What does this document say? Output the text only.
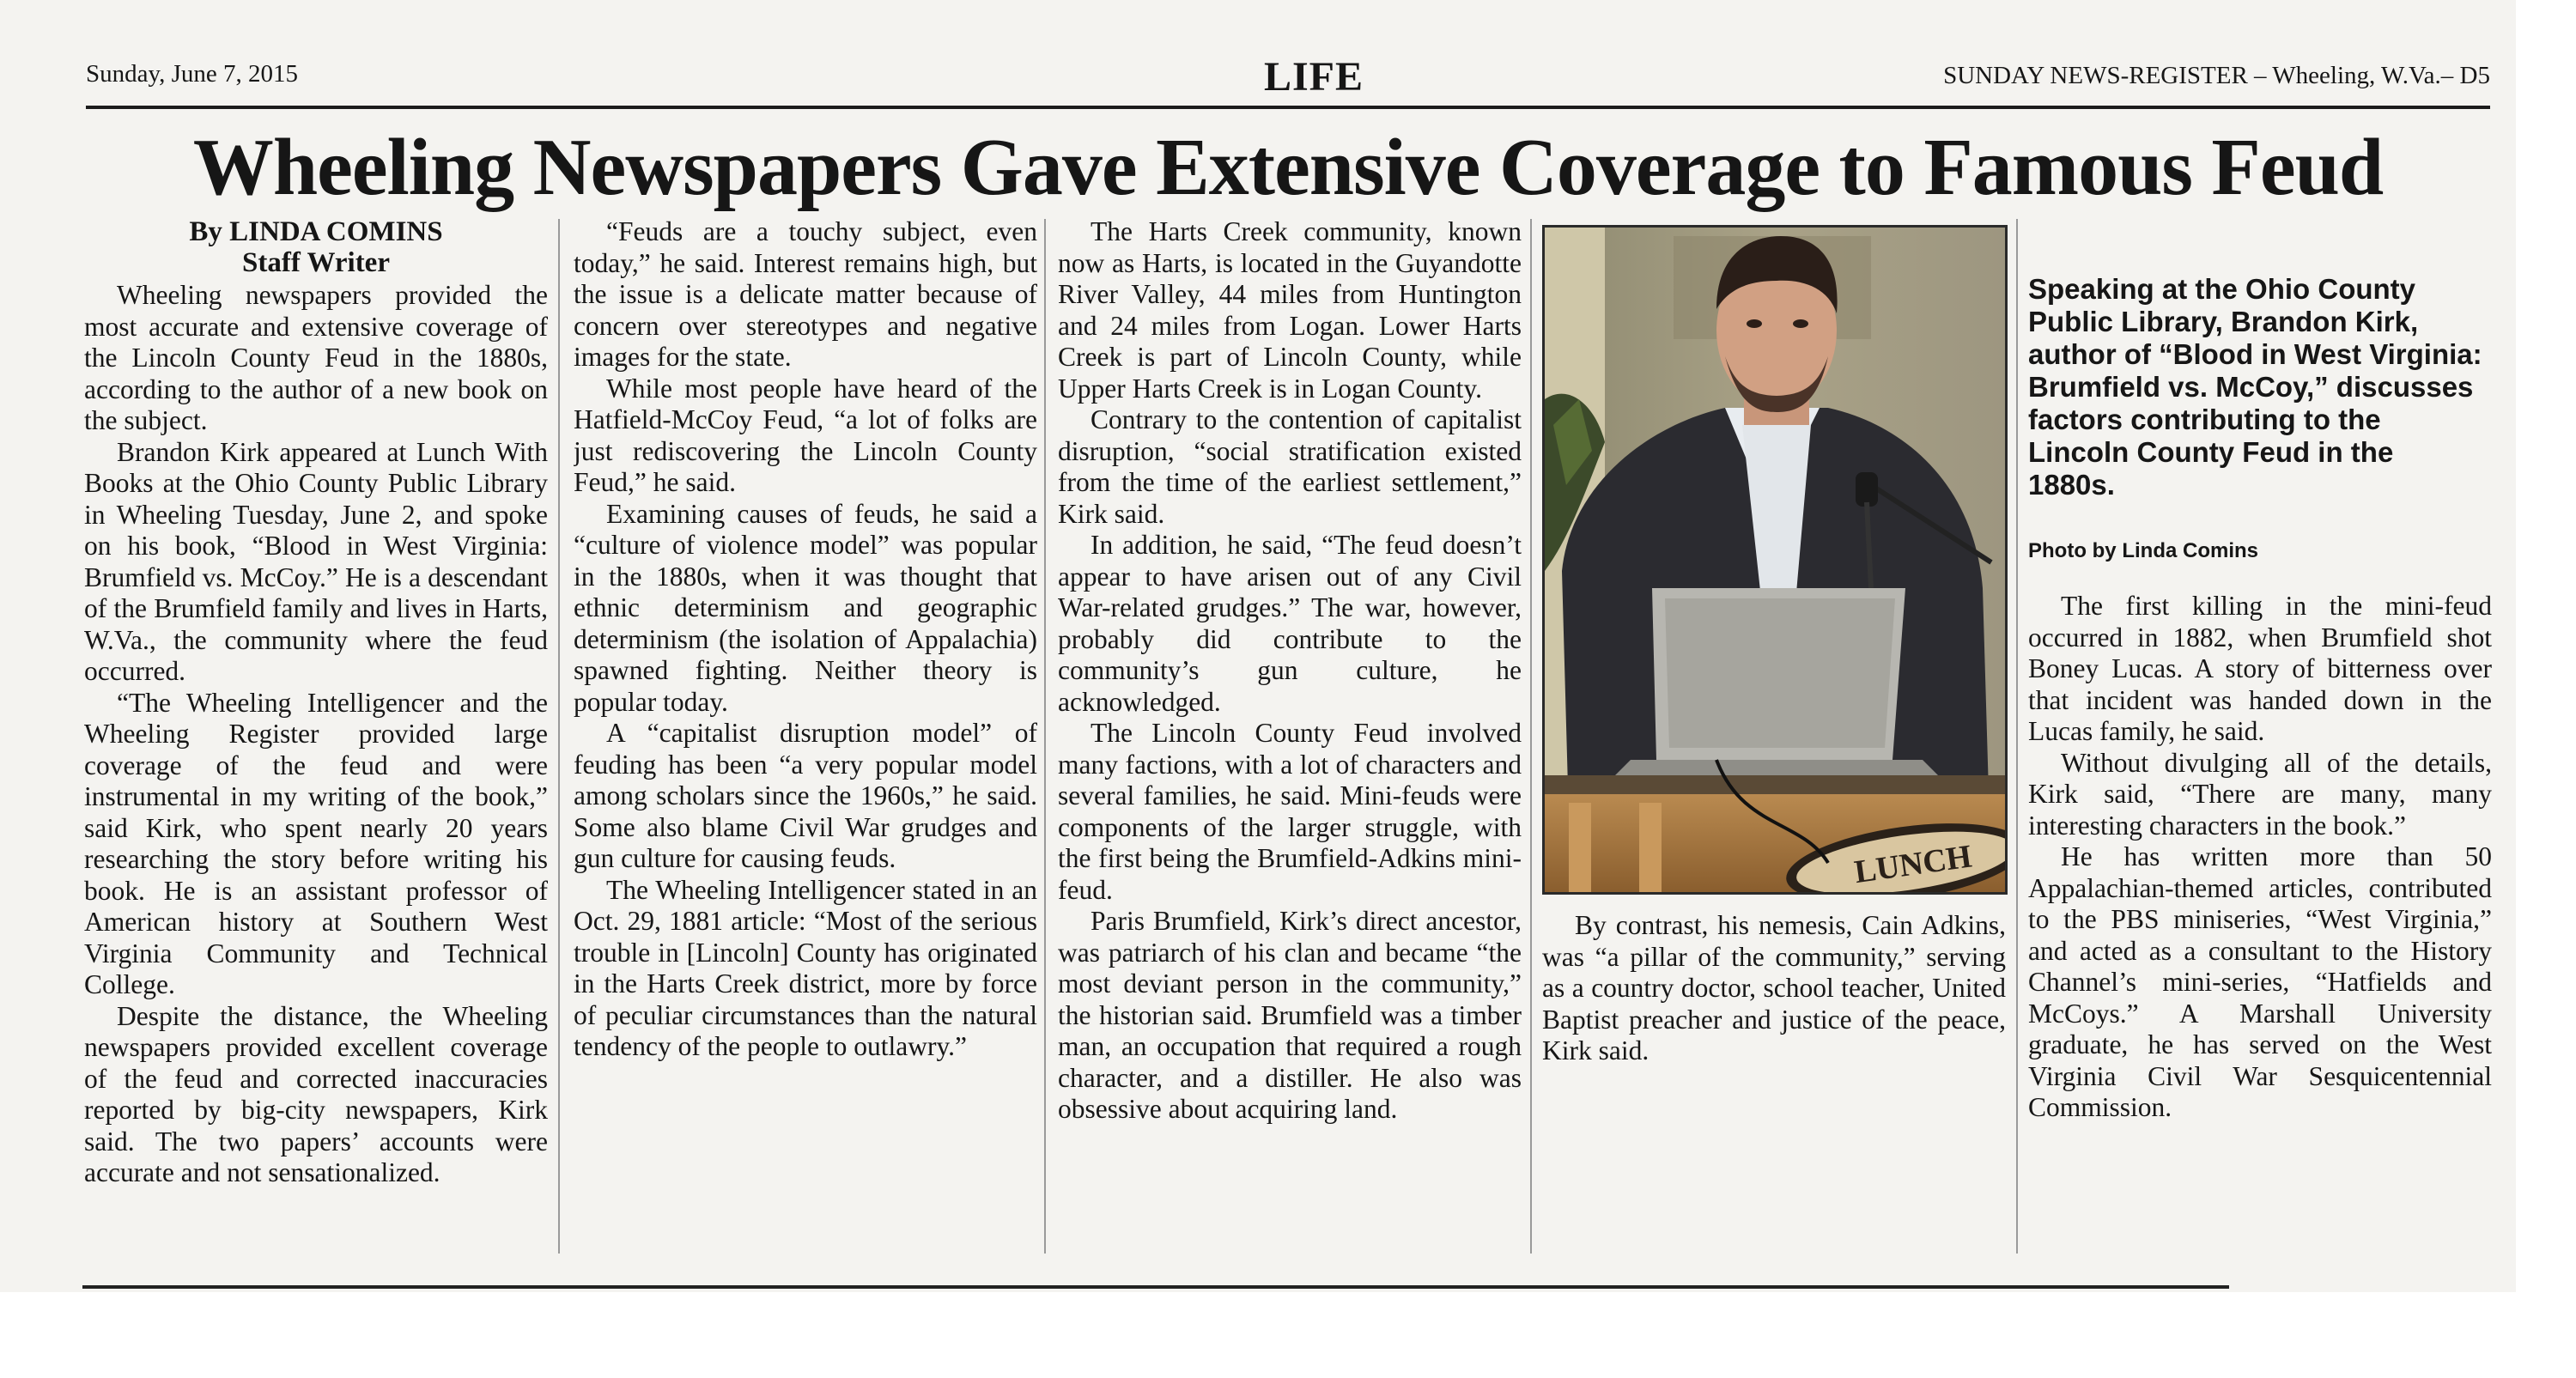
Sunday, June 7, 2015	LIFE	SUNDAY NEWS-REGISTER – Wheeling, W.Va.– D5
Wheeling Newspapers Gave Extensive Coverage to Famous Feud
By LINDA COMINS
Staff Writer

Wheeling newspapers provided the most accurate and extensive coverage of the Lincoln County Feud in the 1880s, according to the author of a new book on the subject.

Brandon Kirk appeared at Lunch With Books at the Ohio County Public Library in Wheeling Tuesday, June 2, and spoke on his book, “Blood in West Virginia: Brumfield vs. McCoy.” He is a descendant of the Brumfield family and lives in Harts, W.Va., the community where the feud occurred.

“The Wheeling Intelligencer and the Wheeling Register provided large coverage of the feud and were instrumental in my writing of the book,” said Kirk, who spent nearly 20 years researching the story before writing his book. He is an assistant professor of American history at Southern West Virginia Community and Technical College.

Despite the distance, the Wheeling newspapers provided excellent coverage of the feud and corrected inaccuracies reported by big-city newspapers, Kirk said. The two papers’ accounts were accurate and not sensationalized.

“Feuds are a touchy subject, even today,” he said. Interest remains high, but the issue is a delicate matter because of concern over stereotypes and negative images for the state.

While most people have heard of the Hatfield-McCoy Feud, “a lot of folks are just rediscovering the Lincoln County Feud,” he said.

Examining causes of feuds, he said a “culture of violence model” was popular in the 1880s, when it was thought that ethnic determinism and geographic determinism (the isolation of Appalachia) spawned fighting. Neither theory is popular today.

A “capitalist disruption model” of feuding has been “a very popular model among scholars since the 1960s,” he said. Some also blame Civil War grudges and gun culture for causing feuds.

The Wheeling Intelligencer stated in an Oct. 29, 1881 article: “Most of the serious trouble in [Lincoln] County has originated in the Harts Creek district, more by force of peculiar circumstances than the natural tendency of the people to outlawry.”

The Harts Creek community, known now as Harts, is located in the Guyandotte River Valley, 44 miles from Huntington and 24 miles from Logan. Lower Harts Creek is part of Lincoln County, while Upper Harts Creek is in Logan County.

Contrary to the contention of capitalist disruption, “social stratification existed from the time of the earliest settlement,” Kirk said.

In addition, he said, “The feud doesn’t appear to have arisen out of any Civil War-related grudges.” The war, however, probably did contribute to the community’s gun culture, he acknowledged.

The Lincoln County Feud involved many factions, with a lot of characters and several families, he said. Mini-feuds were components of the larger struggle, with the first being the Brumfield-Adkins mini-feud.

Paris Brumfield, Kirk’s direct ancestor, was patriarch of his clan and became “the most deviant person in the community,” the historian said. Brumfield was a timber man, an occupation that required a rough character, and a distiller. He also was obsessive about acquiring land.

LUNCH
Speaking at the Ohio County Public Library, Brandon Kirk, author of “Blood in West Virginia: Brumfield vs. McCoy,” discusses factors contributing to the Lincoln County Feud in the 1880s.
Photo by Linda Comins

By contrast, his nemesis, Cain Adkins, was “a pillar of the community,” serving as a country doctor, school teacher, United Baptist preacher and justice of the peace, Kirk said.

The first killing in the mini-feud occurred in 1882, when Brumfield shot Boney Lucas. A story of bitterness over that incident was handed down in the Lucas family, he said.

Without divulging all of the details, Kirk said, “There are many, many interesting characters in the book.”

He has written more than 50 Appalachian-themed articles, contributed to the PBS miniseries, “West Virginia,” and acted as a consultant to the History Channel’s mini-series, “Hatfields and McCoys.” A Marshall University graduate, he has served on the West Virginia Civil War Sesquicentennial Commission.
